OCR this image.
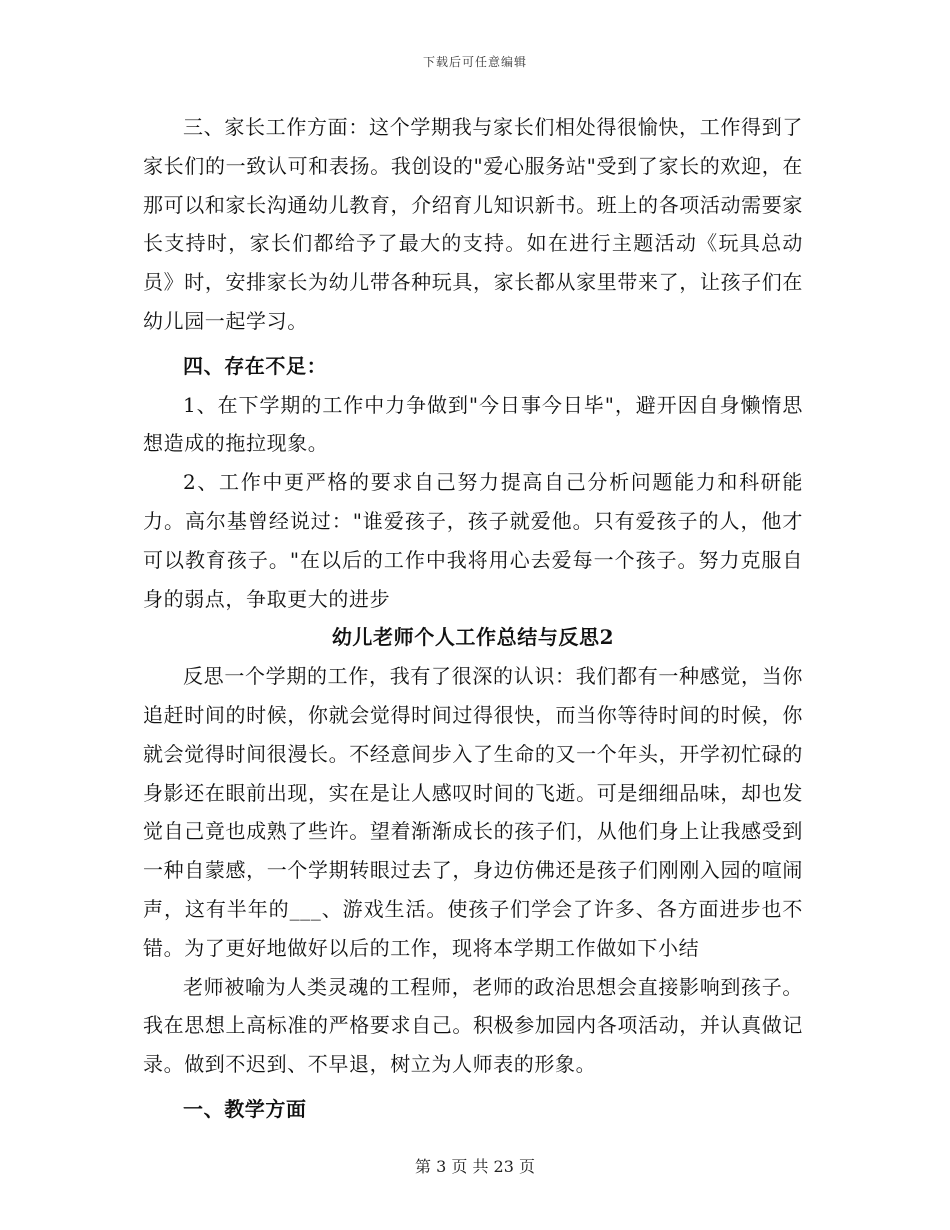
下载后可任意编辑

三、家长工作方面：这个学期我与家长们相处得很愉快，工作得到了家长们的一致认可和表扬。我创设的"爱心服务站"受到了家长的欢迎，在那可以和家长沟通幼儿教育，介绍育儿知识新书。班上的各项活动需要家长支持时，家长们都给予了最大的支持。如在进行主题活动《玩具总动员》时，安排家长为幼儿带各种玩具，家长都从家里带来了，让孩子们在幼儿园一起学习。

四、存在不足：

1、在下学期的工作中力争做到"今日事今日毕"，避开因自身懒惰思想造成的拖拉现象。

2、工作中更严格的要求自己努力提高自己分析问题能力和科研能力。高尔基曾经说过："谁爱孩子，孩子就爱他。只有爱孩子的人，他才可以教育孩子。"在以后的工作中我将用心去爱每一个孩子。努力克服自身的弱点，争取更大的进步

幼儿老师个人工作总结与反思2

反思一个学期的工作，我有了很深的认识：我们都有一种感觉，当你追赶时间的时候，你就会觉得时间过得很快，而当你等待时间的时候，你就会觉得时间很漫长。不经意间步入了生命的又一个年头，开学初忙碌的身影还在眼前出现，实在是让人感叹时间的飞逝。可是细细品味，却也发觉自己竟也成熟了些许。望着渐渐成长的孩子们，从他们身上让我感受到一种自蒙感，一个学期转眼过去了，身边仿佛还是孩子们刚刚入园的喧闹声，这有半年的___、游戏生活。使孩子们学会了许多、各方面进步也不错。为了更好地做好以后的工作，现将本学期工作做如下小结

老师被喻为人类灵魂的工程师，老师的政治思想会直接影响到孩子。我在思想上高标准的严格要求自己。积极参加园内各项活动，并认真做记录。做到不迟到、不早退，树立为人师表的形象。

一、教学方面

第 3 页 共 23 页
